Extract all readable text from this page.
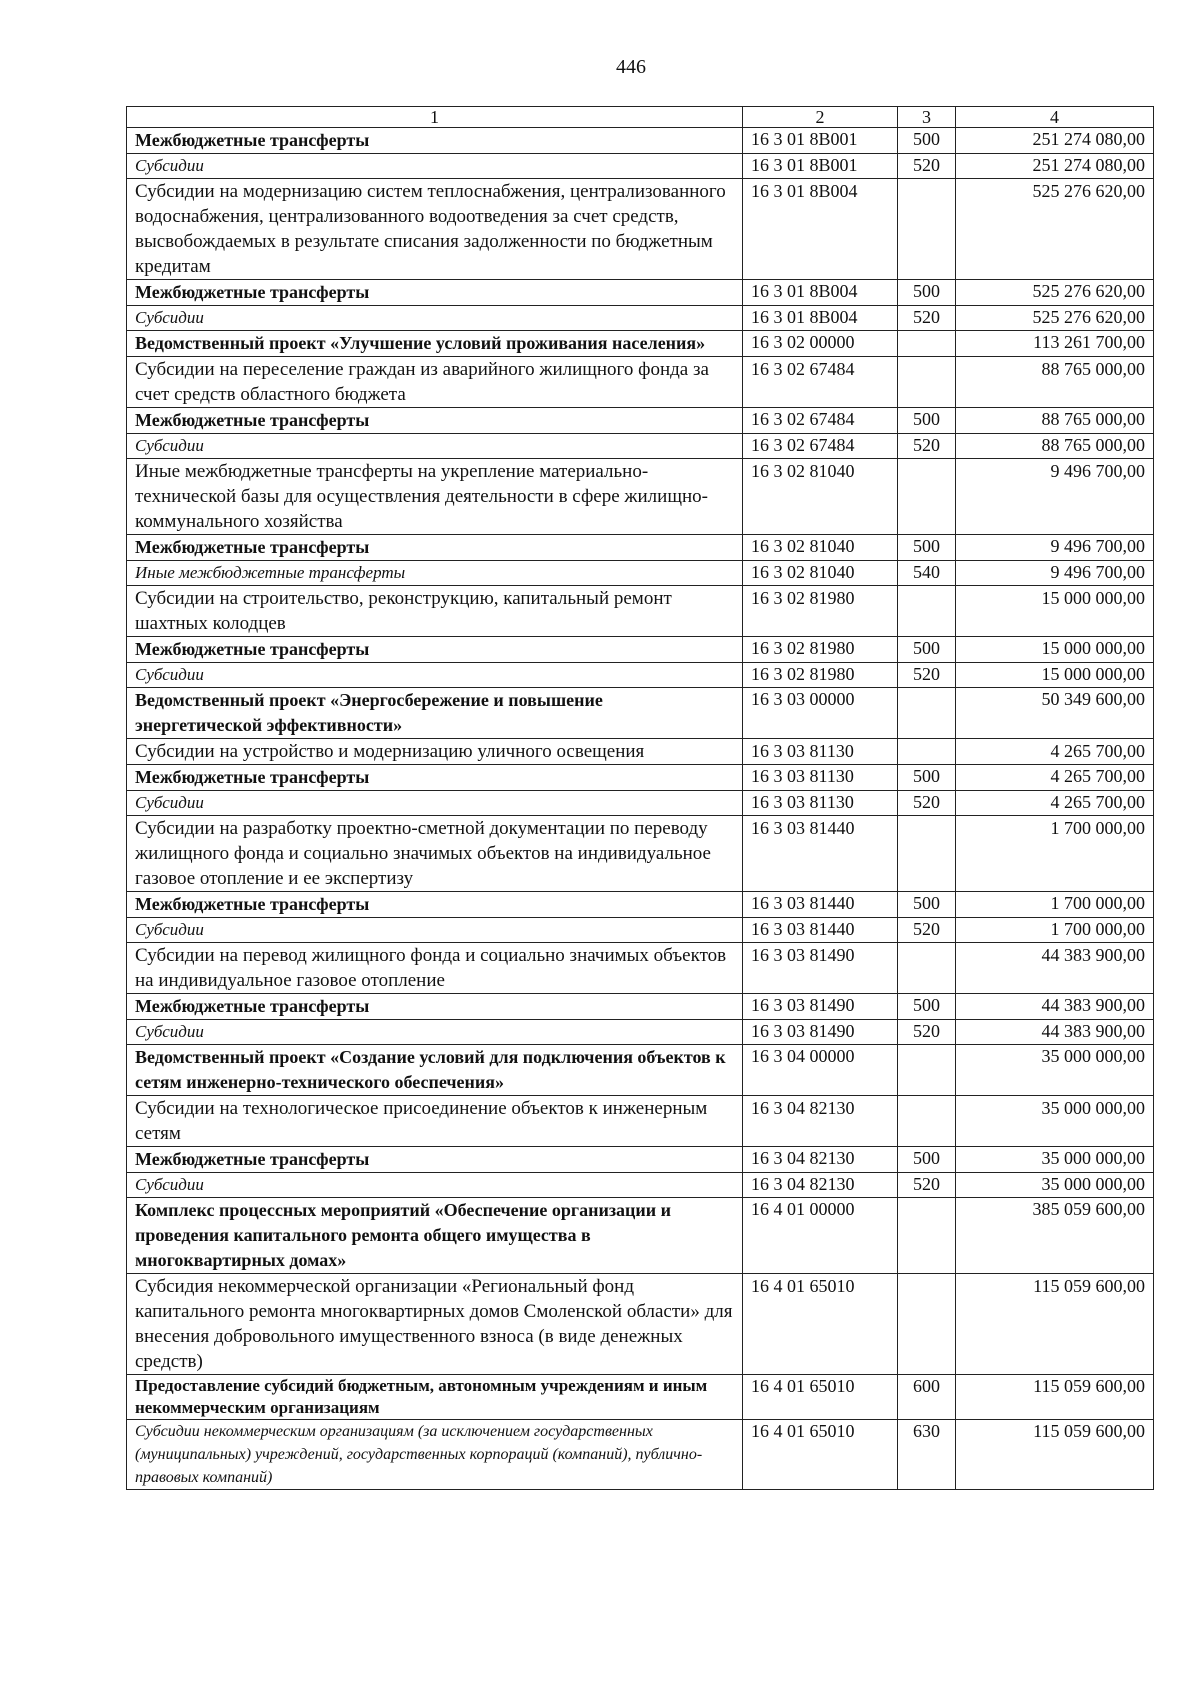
446
1	2	3	4
Межбюджетные трансферты	16 3 01 8В001	500	251 274 080,00
Субсидии	16 3 01 8В001	520	251 274 080,00
Субсидии на модернизацию систем теплоснабжения, централизованного водоснабжения, централизованного водоотведения за счет средств, высвобождаемых в результате списания задолженности по бюджетным кредитам	16 3 01 8В004		525 276 620,00
Межбюджетные трансферты	16 3 01 8В004	500	525 276 620,00
Субсидии	16 3 01 8В004	520	525 276 620,00
Ведомственный проект «Улучшение условий проживания населения»	16 3 02 00000		113 261 700,00
Субсидии на переселение граждан из аварийного жилищного фонда за счет средств областного бюджета	16 3 02 67484		88 765 000,00
Межбюджетные трансферты	16 3 02 67484	500	88 765 000,00
Субсидии	16 3 02 67484	520	88 765 000,00
Иные межбюджетные трансферты на укрепление материально-технической базы для осуществления деятельности в сфере жилищно-коммунального хозяйства	16 3 02 81040		9 496 700,00
Межбюджетные трансферты	16 3 02 81040	500	9 496 700,00
Иные межбюджетные трансферты	16 3 02 81040	540	9 496 700,00
Субсидии на строительство, реконструкцию, капитальный ремонт шахтных колодцев	16 3 02 81980		15 000 000,00
Межбюджетные трансферты	16 3 02 81980	500	15 000 000,00
Субсидии	16 3 02 81980	520	15 000 000,00
Ведомственный проект «Энергосбережение и повышение энергетической эффективности»	16 3 03 00000		50 349 600,00
Субсидии на устройство и модернизацию уличного освещения	16 3 03 81130		4 265 700,00
Межбюджетные трансферты	16 3 03 81130	500	4 265 700,00
Субсидии	16 3 03 81130	520	4 265 700,00
Субсидии на разработку проектно-сметной документации по переводу жилищного фонда и социально значимых объектов на индивидуальное газовое отопление и ее экспертизу	16 3 03 81440		1 700 000,00
Межбюджетные трансферты	16 3 03 81440	500	1 700 000,00
Субсидии	16 3 03 81440	520	1 700 000,00
Субсидии на перевод жилищного фонда и социально значимых объектов на индивидуальное газовое отопление	16 3 03 81490		44 383 900,00
Межбюджетные трансферты	16 3 03 81490	500	44 383 900,00
Субсидии	16 3 03 81490	520	44 383 900,00
Ведомственный проект «Создание условий для подключения объектов к сетям инженерно-технического обеспечения»	16 3 04 00000		35 000 000,00
Субсидии на технологическое присоединение объектов к инженерным сетям	16 3 04 82130		35 000 000,00
Межбюджетные трансферты	16 3 04 82130	500	35 000 000,00
Субсидии	16 3 04 82130	520	35 000 000,00
Комплекс процессных мероприятий «Обеспечение организации и проведения капитального ремонта общего имущества в многоквартирных домах»	16 4 01 00000		385 059 600,00
Субсидия некоммерческой организации «Региональный фонд капитального ремонта многоквартирных домов Смоленской области» для внесения добровольного имущественного взноса (в виде денежных средств)	16 4 01 65010		115 059 600,00
Предоставление субсидий бюджетным, автономным учреждениям и иным некоммерческим организациям	16 4 01 65010	600	115 059 600,00
Субсидии некоммерческим организациям (за исключением государственных (муниципальных) учреждений, государственных корпораций (компаний), публично-правовых компаний)	16 4 01 65010	630	115 059 600,00
